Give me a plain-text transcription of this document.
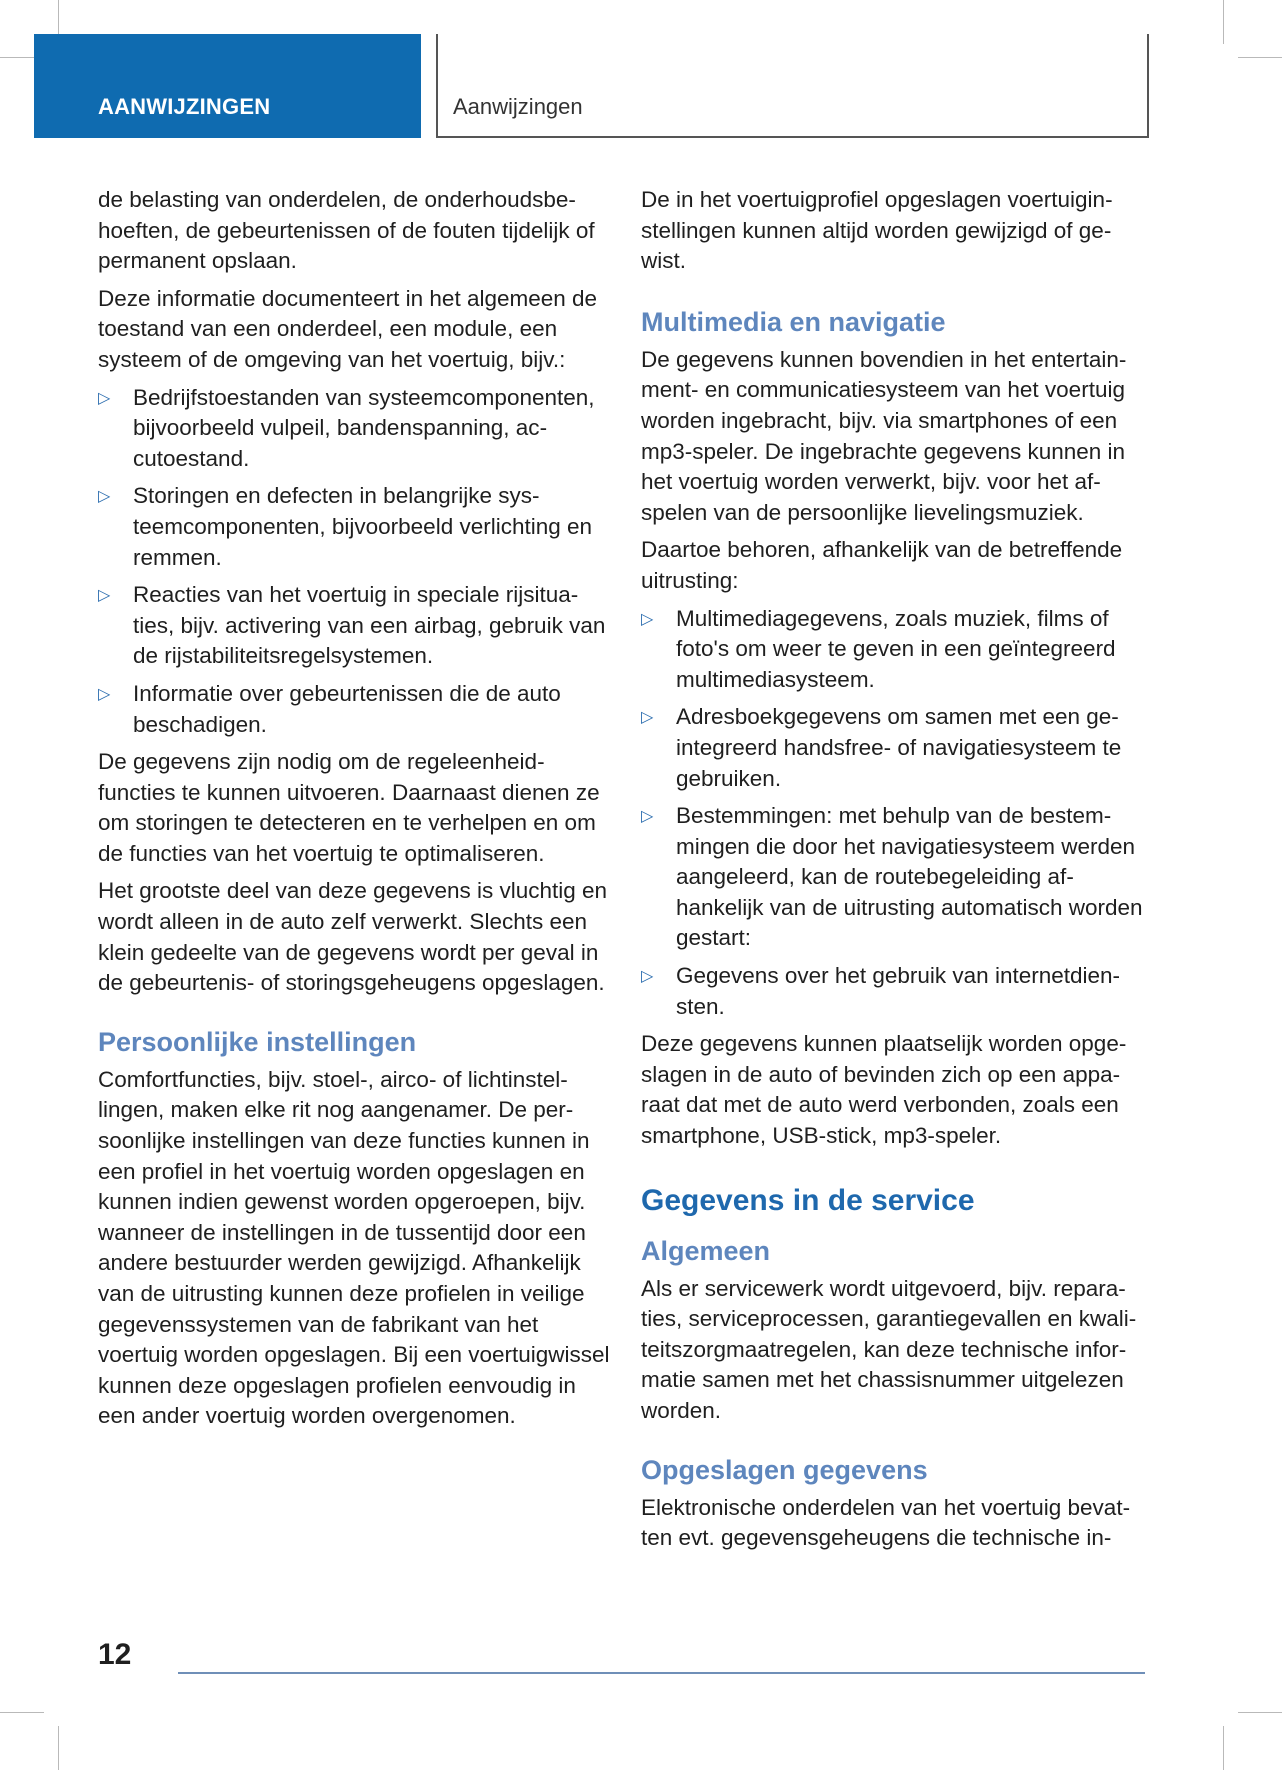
AANWIJZINGEN	Aanwijzingen

de belasting van onderdelen, de onderhoudsbehoeften, de gebeurtenissen of de fouten tijdelijk of permanent opslaan.

Deze informatie documenteert in het algemeen de toestand van een onderdeel, een module, een systeem of de omgeving van het voertuig, bijv.:

▷ Bedrijfstoestanden van systeemcomponenten, bijvoorbeeld vulpeil, bandenspanning, accutoestand.
▷ Storingen en defecten in belangrijke systeemcomponenten, bijvoorbeeld verlichting en remmen.
▷ Reacties van het voertuig in speciale rijsituaties, bijv. activering van een airbag, gebruik van de rijstabiliteitsregelsystemen.
▷ Informatie over gebeurtenissen die de auto beschadigen.

De gegevens zijn nodig om de regeleenheidfuncties te kunnen uitvoeren. Daarnaast dienen ze om storingen te detecteren en te verhelpen en om de functies van het voertuig te optimaliseren.

Het grootste deel van deze gegevens is vluchtig en wordt alleen in de auto zelf verwerkt. Slechts een klein gedeelte van de gegevens wordt per geval in de gebeurtenis- of storingsgeheugens opgeslagen.

Persoonlijke instellingen

Comfortfuncties, bijv. stoel-, airco- of lichtinstellingen, maken elke rit nog aangenamer. De persoonlijke instellingen van deze functies kunnen in een profiel in het voertuig worden opgeslagen en kunnen indien gewenst worden opgeroepen, bijv. wanneer de instellingen in de tussentijd door een andere bestuurder werden gewijzigd. Afhankelijk van de uitrusting kunnen deze profielen in veilige gegevenssystemen van de fabrikant van het voertuig worden opgeslagen. Bij een voertuigwissel kunnen deze opgeslagen profielen eenvoudig in een ander voertuig worden overgenomen.

De in het voertuigprofiel opgeslagen voertuiginstellingen kunnen altijd worden gewijzigd of gewist.

Multimedia en navigatie

De gegevens kunnen bovendien in het entertainment- en communicatiesysteem van het voertuig worden ingebracht, bijv. via smartphones of een mp3-speler. De ingebrachte gegevens kunnen in het voertuig worden verwerkt, bijv. voor het afspelen van de persoonlijke lievelingsmuziek.

Daartoe behoren, afhankelijk van de betreffende uitrusting:

▷ Multimediagegevens, zoals muziek, films of foto's om weer te geven in een geïntegreerd multimediasysteem.
▷ Adresboekgegevens om samen met een geintegreerd handsfree- of navigatiesysteem te gebruiken.
▷ Bestemmingen: met behulp van de bestemmingen die door het navigatiesysteem werden aangeleerd, kan de routebegeleiding afhankelijk van de uitrusting automatisch worden gestart:
▷ Gegevens over het gebruik van internetdiensten.

Deze gegevens kunnen plaatselijk worden opgeslagen in de auto of bevinden zich op een apparaat dat met de auto werd verbonden, zoals een smartphone, USB-stick, mp3-speler.

Gegevens in de service
Algemeen

Als er servicewerk wordt uitgevoerd, bijv. reparaties, serviceprocessen, garantiegevallen en kwaliteitszorgmaatregelen, kan deze technische informatie samen met het chassisnummer uitgelezen worden.

Opgeslagen gegevens

Elektronische onderdelen van het voertuig bevatten evt. gegevensgeheugens die technische in-

12
